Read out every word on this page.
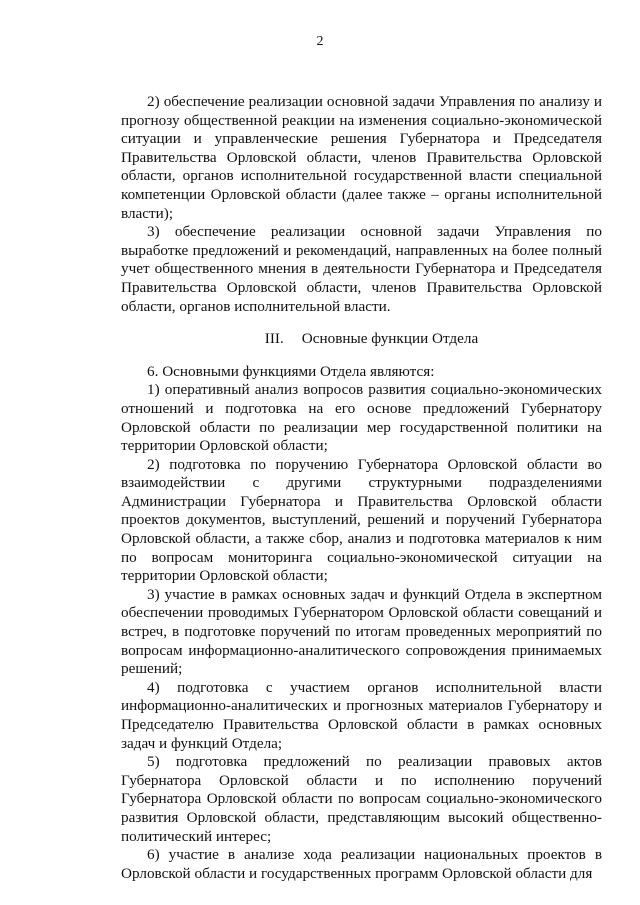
2

2) обеспечение реализации основной задачи Управления по анализу и прогнозу общественной реакции на изменения социально-экономической ситуации и управленческие решения Губернатора и Председателя Правительства Орловской области, членов Правительства Орловской области, органов исполнительной государственной власти специальной компетенции Орловской области (далее также – органы исполнительной власти);

3) обеспечение реализации основной задачи Управления по выработке предложений и рекомендаций, направленных на более полный учет общественного мнения в деятельности Губернатора и Председателя Правительства Орловской области, членов Правительства Орловской области, органов исполнительной власти.

III. Основные функции Отдела

6. Основными функциями Отдела являются:

1) оперативный анализ вопросов развития социально-экономических отношений и подготовка на его основе предложений Губернатору Орловской области по реализации мер государственной политики на территории Орловской области;

2) подготовка по поручению Губернатора Орловской области во взаимодействии с другими структурными подразделениями Администрации Губернатора и Правительства Орловской области проектов документов, выступлений, решений и поручений Губернатора Орловской области, а также сбор, анализ и подготовка материалов к ним по вопросам мониторинга социально-экономической ситуации на территории Орловской области;

3) участие в рамках основных задач и функций Отдела в экспертном обеспечении проводимых Губернатором Орловской области совещаний и встреч, в подготовке поручений по итогам проведенных мероприятий по вопросам информационно-аналитического сопровождения принимаемых решений;

4) подготовка с участием органов исполнительной власти информационно-аналитических и прогнозных материалов Губернатору и Председателю Правительства Орловской области в рамках основных задач и функций Отдела;

5) подготовка предложений по реализации правовых актов Губернатора Орловской области и по исполнению поручений Губернатора Орловской области по вопросам социально-экономического развития Орловской области, представляющим высокий общественно-политический интерес;

6) участие в анализе хода реализации национальных проектов в Орловской области и государственных программ Орловской области для
